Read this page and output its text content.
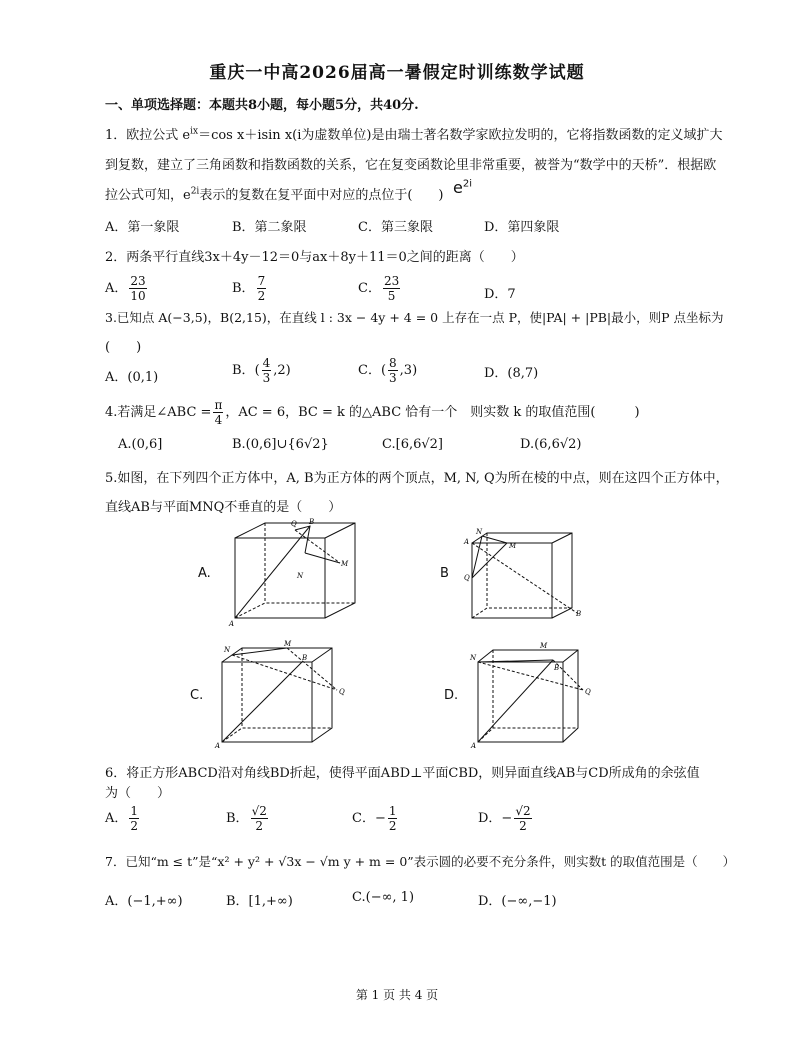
重庆一中高2026届高一暑假定时训练数学试题
一、单项选择题：本题共8小题，每小题5分，共40分.
1．欧拉公式 $e^{ix}=\cos$ x＋isin x(i为虚数单位)是由瑞士著名数学家欧拉发明的，它将指数函数的定义域扩大
到复数，建立了三角函数和指数函数的关系，它在复变函数论里非常重要，被誉为“数学中的天桥”．根据欧
拉公式可知，$e^{2i}$表示的复数在复平面中对应的点位于(　　) $e^{2i}$
A．第一象限	B．第二象限	C．第三象限	D．第四象限
2．两条平行直线3x＋4y－12＝0与ax＋8y＋11＝0之间的距离（　　）
A． $\frac{23}{10}$	B． $\frac{7}{2}$	C． $\frac{23}{5}$	D．7
3.已知点 A(−3,5)，B(2,15)，在直线 l : 3x − 4y + 4 = 0 上存在一点 P，使|PA| + |PB|最小，则P 点坐标为
(　　)
A．(0,1)	B．( $\frac{4}{3} ,2$)	C．( $\frac{8}{3} ,3$)	D．(8,7)
4.若满足∠ABC = $\frac{\pi}{4}$ ，AC = 6，BC = k 的△ABC 恰有一个　则实数 k 的取值范围(　　　)
A.(0,6]	B.(0,6]∪{6√2}	C.[6,6√2]	D.(6,6√2)
5.如图，在下列四个正方体中，A, B为正方体的两个顶点，M, N, Q为所在棱的中点，则在这四个正方体中，
直线AB与平面MNQ不垂直的是（　　）
A.	B
C.	D.
A
B
Q
M
N
A
B
N
M
Q
A
B
N
M
Q
A
B
N
M
Q
6．将正方形ABCD沿对角线BD折起，使得平面ABD⊥平面CBD，则异面直线AB与CD所成角的余弦值
为（　　）
A． $\frac{1}{2}$	B． $\frac{√2}{2}$	C．− $\frac{1}{2}$	D．− $\frac{√2}{2}$
7．已知“m ≤ t”是“x² + y² + √3x − √m y + m = 0”表示圆的必要不充分条件，则实数t 的取值范围是（　　）
A．(−1,+∞)	B．[1,+∞)	C.(−∞, 1)	D．(−∞,−1)
第 1 页 共 4 页
